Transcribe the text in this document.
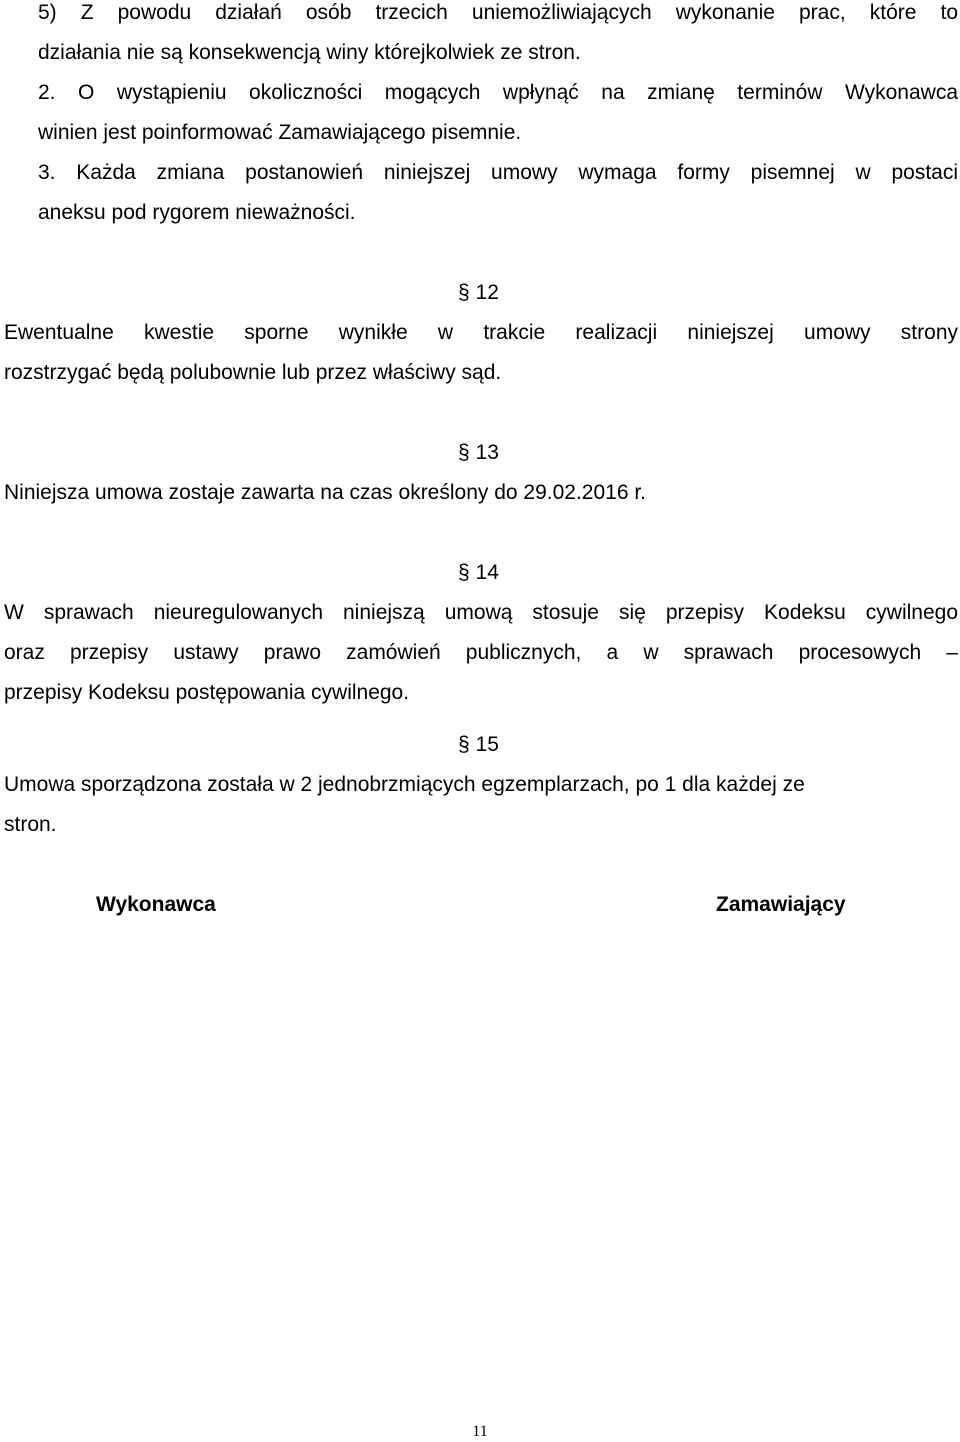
5) Z powodu działań osób trzecich uniemożliwiających wykonanie prac, które to

działania nie są konsekwencją winy którejkolwiek ze stron.

2. O wystąpieniu okoliczności mogących wpłynąć na zmianę terminów Wykonawca

winien jest poinformować Zamawiającego pisemnie.

3. Każda zmiana postanowień niniejszej umowy wymaga formy pisemnej w postaci

aneksu pod rygorem nieważności.

§ 12

Ewentualne kwestie sporne wynikłe w trakcie realizacji niniejszej umowy strony

rozstrzygać będą polubownie lub przez właściwy sąd.

§ 13

Niniejsza umowa zostaje zawarta na czas określony do 29.02.2016 r.

§ 14

W sprawach nieuregulowanych niniejszą umową stosuje się przepisy Kodeksu cywilnego

oraz przepisy ustawy prawo zamówień publicznych, a w sprawach procesowych –

przepisy Kodeksu postępowania cywilnego.

§ 15

Umowa sporządzona została w 2 jednobrzmiących egzemplarzach, po 1 dla każdej ze

stron.

Wykonawca	Zamawiający
11
